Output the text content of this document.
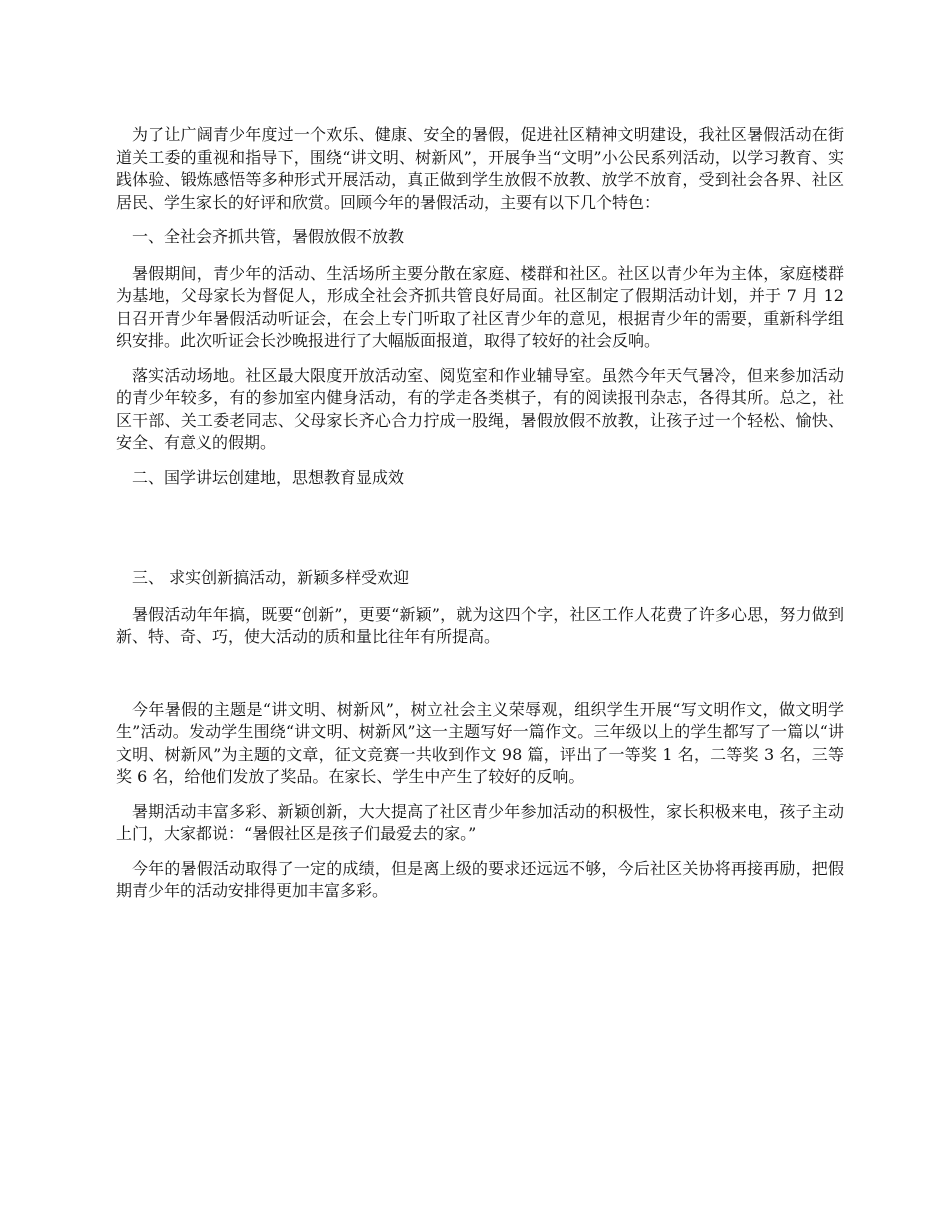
为了让广阔青少年度过一个欢乐、健康、安全的暑假，促进社区精神文明建设，我社区暑假活动在街道关工委的重视和指导下，围绕“讲文明、树新风”，开展争当“文明”小公民系列活动，以学习教育、实践体验、锻炼感悟等多种形式开展活动，真正做到学生放假不放教、放学不放育，受到社会各界、社区居民、学生家长的好评和欣赏。回顾今年的暑假活动，主要有以下几个特色：

一、全社会齐抓共管，暑假放假不放教

暑假期间，青少年的活动、生活场所主要分散在家庭、楼群和社区。社区以青少年为主体，家庭楼群为基地，父母家长为督促人，形成全社会齐抓共管良好局面。社区制定了假期活动计划，并于 7 月 12 日召开青少年暑假活动听证会，在会上专门听取了社区青少年的意见，根据青少年的需要，重新科学组织安排。此次听证会长沙晚报进行了大幅版面报道，取得了较好的社会反响。

落实活动场地。社区最大限度开放活动室、阅览室和作业辅导室。虽然今年天气暑冷，但来参加活动的青少年较多，有的参加室内健身活动，有的学走各类棋子，有的阅读报刊杂志，各得其所。总之，社区干部、关工委老同志、父母家长齐心合力拧成一股绳，暑假放假不放教，让孩子过一个轻松、愉快、安全、有意义的假期。

二、国学讲坛创建地，思想教育显成效

三、 求实创新搞活动，新颖多样受欢迎

暑假活动年年搞，既要“创新”，更要“新颖”，就为这四个字，社区工作人花费了许多心思，努力做到新、特、奇、巧，使大活动的质和量比往年有所提高。

今年暑假的主题是“讲文明、树新风”，树立社会主义荣辱观，组织学生开展“写文明作文，做文明学生”活动。发动学生围绕“讲文明、树新风”这一主题写好一篇作文。三年级以上的学生都写了一篇以“讲文明、树新风”为主题的文章，征文竞赛一共收到作文 98 篇，评出了一等奖 1 名，二等奖 3 名，三等奖 6 名，给他们发放了奖品。在家长、学生中产生了较好的反响。

暑期活动丰富多彩、新颖创新，大大提高了社区青少年参加活动的积极性，家长积极来电，孩子主动上门，大家都说：“暑假社区是孩子们最爱去的家。”

今年的暑假活动取得了一定的成绩，但是离上级的要求还远远不够，今后社区关协将再接再励，把假期青少年的活动安排得更加丰富多彩。
